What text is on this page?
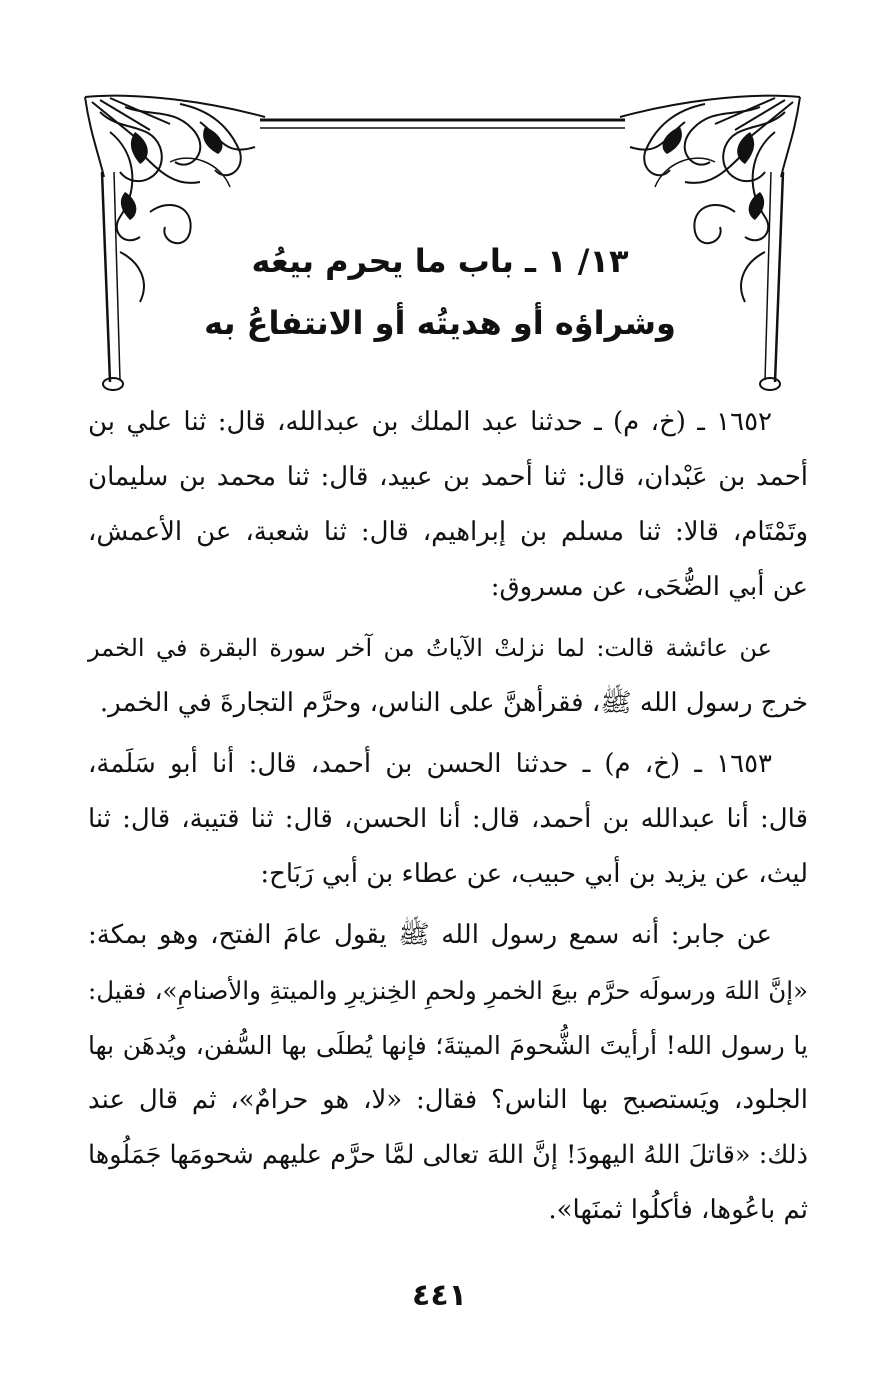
١٣/ ١ ـ باب ما يحرم بيعُه
وشراؤه أو هديتُه أو الانتفاعُ به
١٦٥٢ ـ (خ، م) ـ حدثنا عبد الملك بن عبدالله، قال: ثنا علي بن
أحمد بن عَبْدان، قال: ثنا أحمد بن عبيد، قال: ثنا محمد بن سليمان
وتَمْتَام، قالا: ثنا مسلم بن إبراهيم، قال: ثنا شعبة، عن الأعمش،
عن أبي الضُّحَى، عن مسروق:
عن عائشة قالت: لما نزلتْ الآياتُ من آخر سورة البقرة في الخمر
خرج رسول الله ﷺ، فقرأهنَّ على الناس، وحرَّم التجارةَ في الخمر.
١٦٥٣ ـ (خ، م) ـ حدثنا الحسن بن أحمد، قال: أنا أبو سَلَمة،
قال: أنا عبدالله بن أحمد، قال: أنا الحسن، قال: ثنا قتيبة، قال: ثنا
ليث، عن يزيد بن أبي حبيب، عن عطاء بن أبي رَبَاح:
عن جابر: أنه سمع رسول الله ﷺ يقول عامَ الفتح، وهو بمكة:
«إنَّ اللهَ ورسولَه حرَّم بيعَ الخمرِ ولحمِ الخِنزيرِ والميتةِ والأصنامِ»، فقيل:
يا رسول الله! أرأيتَ الشُّحومَ الميتةَ؛ فإنها يُطلَى بها السُّفن، ويُدهَن بها
الجلود، ويَستصبح بها الناس؟ فقال: «لا، هو حرامٌ»، ثم قال عند
ذلك: «قاتلَ اللهُ اليهودَ! إنَّ اللهَ تعالى لمَّا حرَّم عليهم شحومَها جَمَلُوها
ثم باعُوها، فأكلُوا ثمنَها».
٤٤١
